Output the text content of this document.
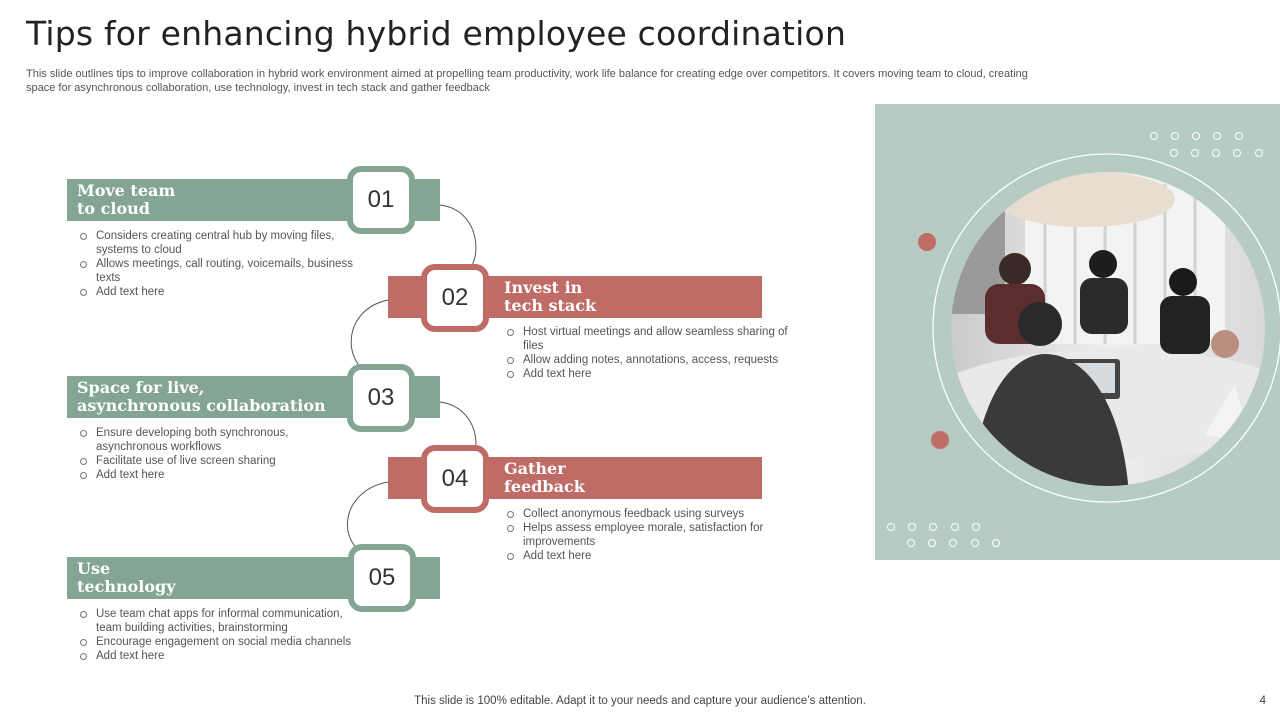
Tips for enhancing hybrid employee coordination
This slide outlines tips to improve collaboration in hybrid work environment aimed at propelling team productivity, work life balance for creating edge over competitors. It covers moving team to cloud, creating space for asynchronous collaboration, use technology, invest in tech stack and gather feedback
Move team
to cloud	01
Considers creating central hub by moving files, systems to cloud
Allows meetings, call routing, voicemails, business texts
Add text here	Invest in
tech stack
02
Host virtual meetings and allow seamless sharing of files
Allow adding notes, annotations, access, requests
Add text here
Space for live,
asynchronous collaboration	03
Ensure developing both synchronous, asynchronous workflows
Facilitate use of live screen sharing
Add text here	Gather
feedback
04
Collect anonymous feedback using surveys
Helps assess employee morale, satisfaction for improvements
Add text here
Use
technology	05
Use team chat apps for informal communication, team building activities, brainstorming
Encourage engagement on social media channels
Add text here
This slide is 100% editable. Adapt it to your needs and capture your audience’s attention.	4
